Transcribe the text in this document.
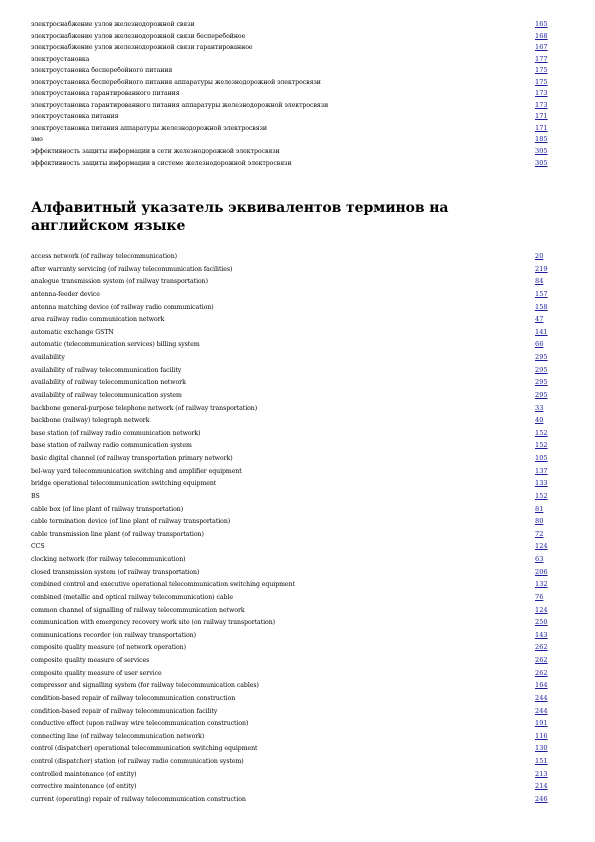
электроснабжение узлов железнодорожной связи	165
электроснабжение узлов железнодорожной связи бесперебойное	168
электроснабжение узлов железнодорожной связи гарантированное	167
электроустановка	177
электроустановка бесперебойного питания	175
электроустановка бесперебойного питания аппаратуры железнодорожной электросвязи	175
электроустановка гарантированного питания	173
электроустановка гарантированного питания аппаратуры железнодорожной электросвязи	173
электроустановка питания	171
электроустановка питания аппаратуры железнодорожной электросвязи	171
эмо	185
эффективность защиты информации в сети железнодорожной электросвязи	305
эффективность защиты информации в системе железнодорожной электросвязи	305
Алфавитный указатель эквивалентов терминов на английском языке
access network (of railway telecommunication)	20
after warranty servicing (of railway telecommunication facilities)	219
analogue transmission system (of railway transportation)	84
antenna-feeder device	157
antenna matching device (of railway radio communication)	158
area railway radio communication network	47
automatic exchange GSTN	141
automatic (telecommunication services) billing system	66
availability	295
availability of railway telecommunication facility	295
availability of railway telecommunication network	295
availability of railway telecommunication system	295
backbone general-purpose telephone network (of railway transportation)	33
backbone (railway) telegraph network	40
base station (of railway radio communication network)	152
base station of railway radio communication system	152
basic digital channel (of railway transportation primary network)	105
bel-way yard telecommunication switching and amplifier equipment	137
bridge operational telecommunication switching equipment	133
BS	152
cable box (of line plant of railway transportation)	81
cable termination device (of line plant of railway transportation)	80
cable transmission line plant (of railway transportation)	72
CCS	124
clocking network (for railway telecommunication)	63
closed transmission system (of railway transportation)	206
combined control and executive operational telecommunication switching equipment	132
combined (metallic and optical railway telecommunication) cable	76
common channel of signalling of railway telecommunication network	124
communication with emergency recovery work site (on railway transportation)	250
communications recorder (on railway transportation)	143
composite quality measure (of network operation)	262
composite quality measure of services	262
composite quality measure of user service	262
compressor and signalling system (for railway telecommunication cables)	164
condition-based repair of railway telecommunication construction	244
condition-based repair of railway telecommunication facility	244
conductive effect (upon railway wire telecommunication construction)	191
connecting line (of railway telecommunication network)	116
control (dispatcher) operational telecommunication switching equipment	130
control (dispatcher) station (of railway radio communication system)	151
controlled maintenance (of entity)	213
corrective maintenance (of entity)	214
current (operating) repair of railway telecommunication construction	246
